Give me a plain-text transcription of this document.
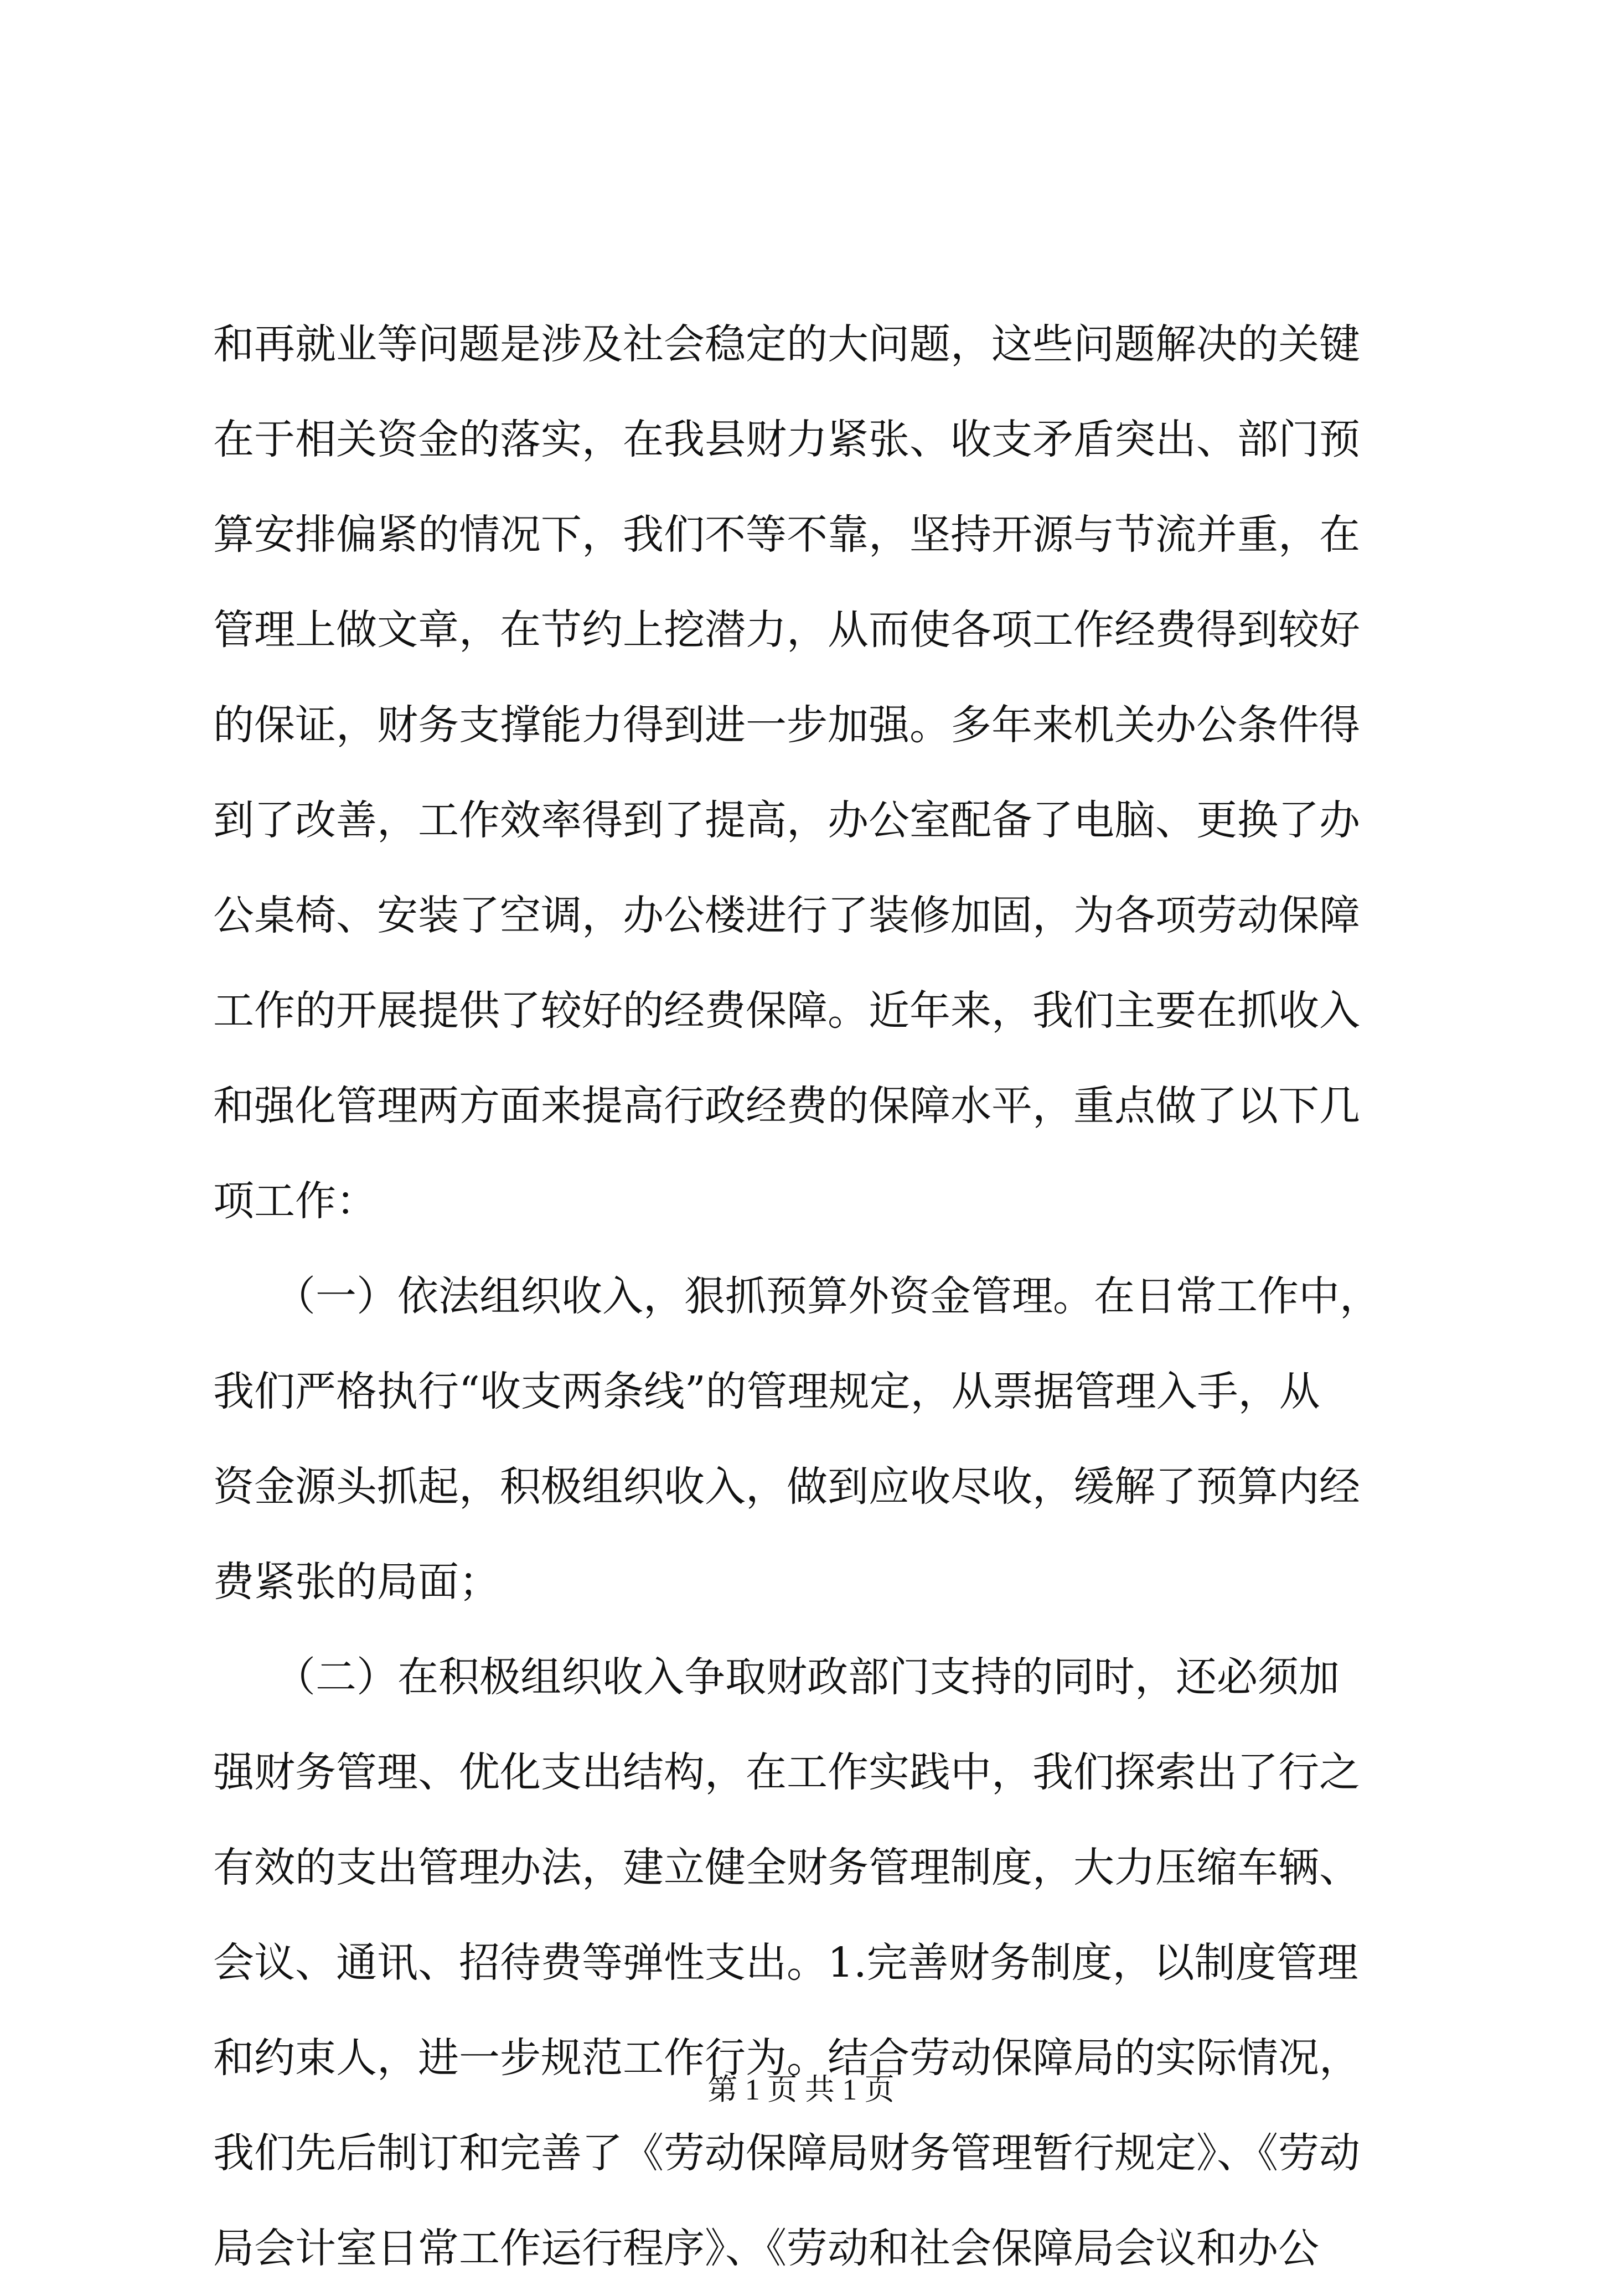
和再就业等问题是涉及社会稳定的大问题，这些问题解决的关键
在于相关资金的落实，在我县财力紧张、收支矛盾突出、部门预
算安排偏紧的情况下，我们不等不靠，坚持开源与节流并重，在
管理上做文章，在节约上挖潜力，从而使各项工作经费得到较好
的保证，财务支撑能力得到进一步加强。多年来机关办公条件得
到了改善，工作效率得到了提高，办公室配备了电脑、更换了办
公桌椅、安装了空调，办公楼进行了装修加固，为各项劳动保障
工作的开展提供了较好的经费保障。近年来，我们主要在抓收入
和强化管理两方面来提高行政经费的保障水平，重点做了以下几
项工作：
　　（一）依法组织收入，狠抓预算外资金管理。在日常工作中，
我们严格执行“收支两条线”的管理规定，从票据管理入手，从
资金源头抓起，积极组织收入，做到应收尽收，缓解了预算内经
费紧张的局面；
　　（二）在积极组织收入争取财政部门支持的同时，还必须加
强财务管理、优化支出结构，在工作实践中，我们探索出了行之
有效的支出管理办法，建立健全财务管理制度，大力压缩车辆、
会议、通讯、招待费等弹性支出。1.完善财务制度，以制度管理
和约束人，进一步规范工作行为。结合劳动保障局的实际情况，
我们先后制订和完善了《劳动保障局财务管理暂行规定》、《劳动
局会计室日常工作运行程序》、《劳动和社会保障局会议和办公
第 1 页 共 1 页
